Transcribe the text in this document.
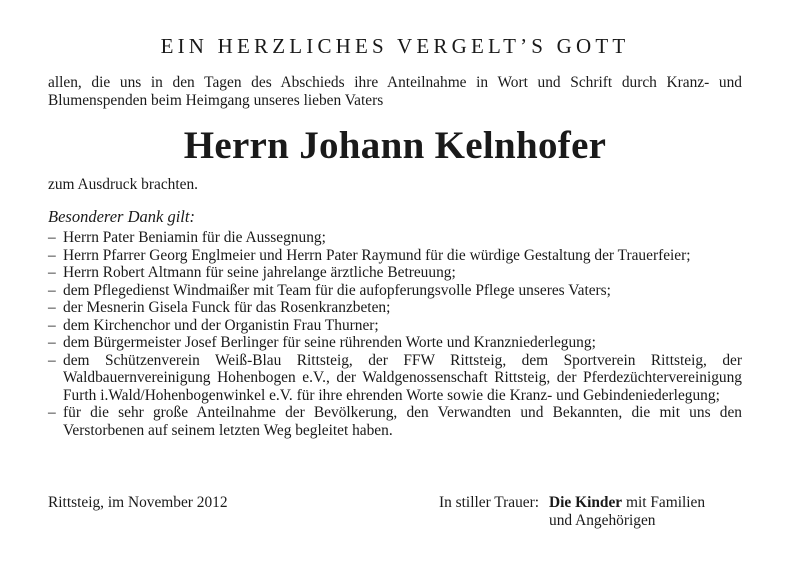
EIN HERZLICHES VERGELT’S GOTT
allen, die uns in den Tagen des Abschieds ihre Anteilnahme in Wort und Schrift durch Kranz- und Blumenspenden beim Heimgang unseres lieben Vaters
Herrn Johann Kelnhofer
zum Ausdruck brachten.
Besonderer Dank gilt:
– Herrn Pater Beniamin für die Aussegnung;
– Herrn Pfarrer Georg Englmeier und Herrn Pater Raymund für die würdige Gestaltung der Trauerfeier;
– Herrn Robert Altmann für seine jahrelange ärztliche Betreuung;
– dem Pflegedienst Windmaißer mit Team für die aufopferungsvolle Pflege unseres Vaters;
– der Mesnerin Gisela Funck für das Rosenkranzbeten;
– dem Kirchenchor und der Organistin Frau Thurner;
– dem Bürgermeister Josef Berlinger für seine rührenden Worte und Kranzniederlegung;
– dem Schützenverein Weiß-Blau Rittsteig, der FFW Rittsteig, dem Sportverein Rittsteig, der Waldbauernvereinigung Hohenbogen e.V., der Waldgenossenschaft Rittsteig, der Pferdezüchtervereinigung Furth i.Wald/Hohenbogenwinkel e.V. für ihre ehrenden Worte sowie die Kranz- und Gebindeniederlegung;
– für die sehr große Anteilnahme der Bevölkerung, den Verwandten und Bekannten, die mit uns den Verstorbenen auf seinem letzten Weg begleitet haben.
Rittsteig, im November 2012	In stiller Trauer: Die Kinder mit Familien
und Angehörigen
